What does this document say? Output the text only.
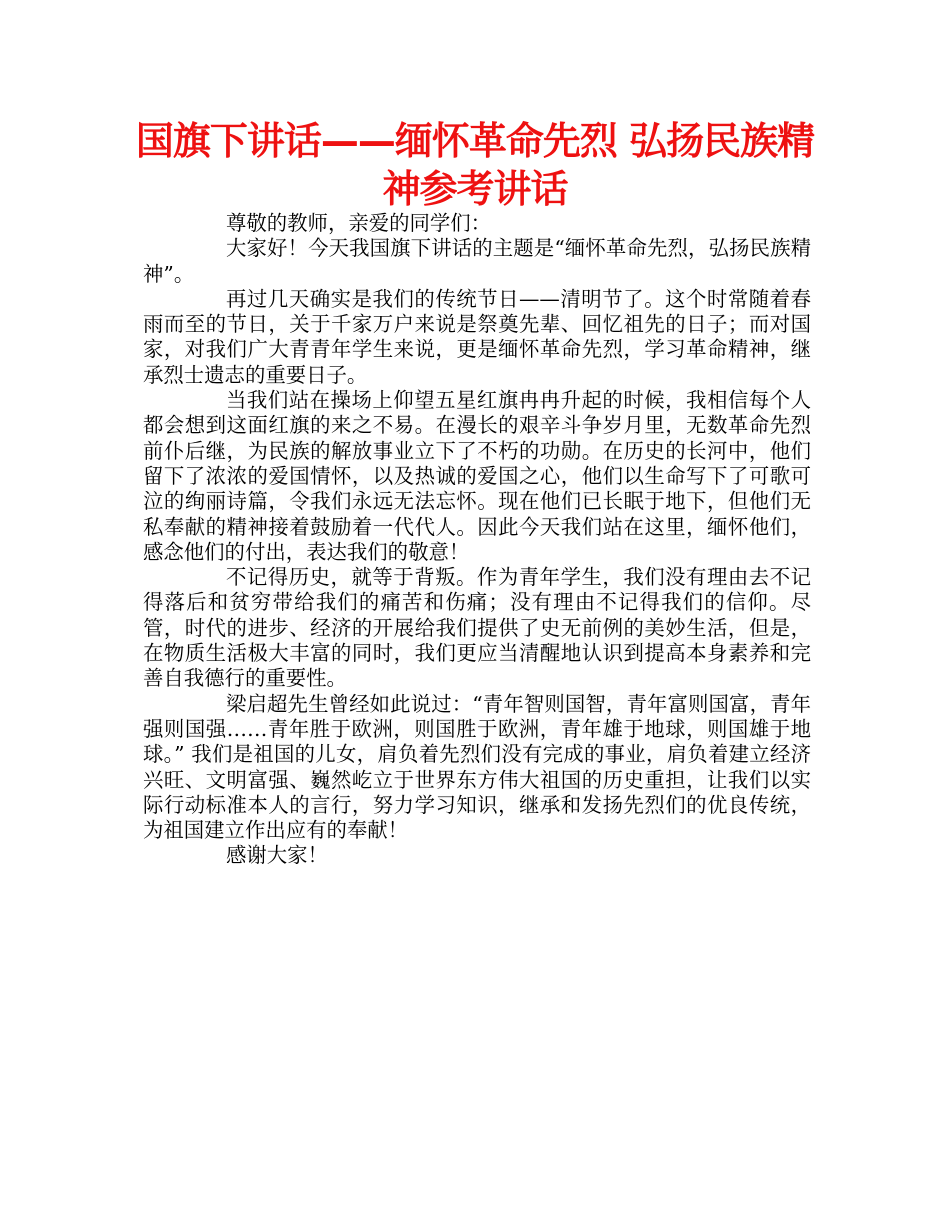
国旗下讲话——缅怀革命先烈 弘扬民族精神参考讲话

尊敬的教师，亲爱的同学们：

大家好！今天我国旗下讲话的主题是“缅怀革命先烈，弘扬民族精神”。

再过几天确实是我们的传统节日——清明节了。这个时常随着春雨而至的节日，关于千家万户来说是祭奠先辈、回忆祖先的日子；而对国家，对我们广大青青年学生来说，更是缅怀革命先烈，学习革命精神，继承烈士遗志的重要日子。

当我们站在操场上仰望五星红旗冉冉升起的时候，我相信每个人都会想到这面红旗的来之不易。在漫长的艰辛斗争岁月里，无数革命先烈前仆后继，为民族的解放事业立下了不朽的功勋。在历史的长河中，他们留下了浓浓的爱国情怀，以及热诚的爱国之心，他们以生命写下了可歌可泣的绚丽诗篇，令我们永远无法忘怀。现在他们已长眠于地下，但他们无私奉献的精神接着鼓励着一代代人。因此今天我们站在这里，缅怀他们，感念他们的付出，表达我们的敬意！

不记得历史，就等于背叛。作为青年学生，我们没有理由去不记得落后和贫穷带给我们的痛苦和伤痛；没有理由不记得我们的信仰。尽管，时代的进步、经济的开展给我们提供了史无前例的美妙生活，但是，在物质生活极大丰富的同时，我们更应当清醒地认识到提高本身素养和完善自我德行的重要性。

梁启超先生曾经如此说过：“青年智则国智，青年富则国富，青年强则国强……青年胜于欧洲，则国胜于欧洲，青年雄于地球，则国雄于地球。” 我们是祖国的儿女，肩负着先烈们没有完成的事业，肩负着建立经济兴旺、文明富强、巍然屹立于世界东方伟大祖国的历史重担，让我们以实际行动标准本人的言行，努力学习知识，继承和发扬先烈们的优良传统，为祖国建立作出应有的奉献！

感谢大家！
